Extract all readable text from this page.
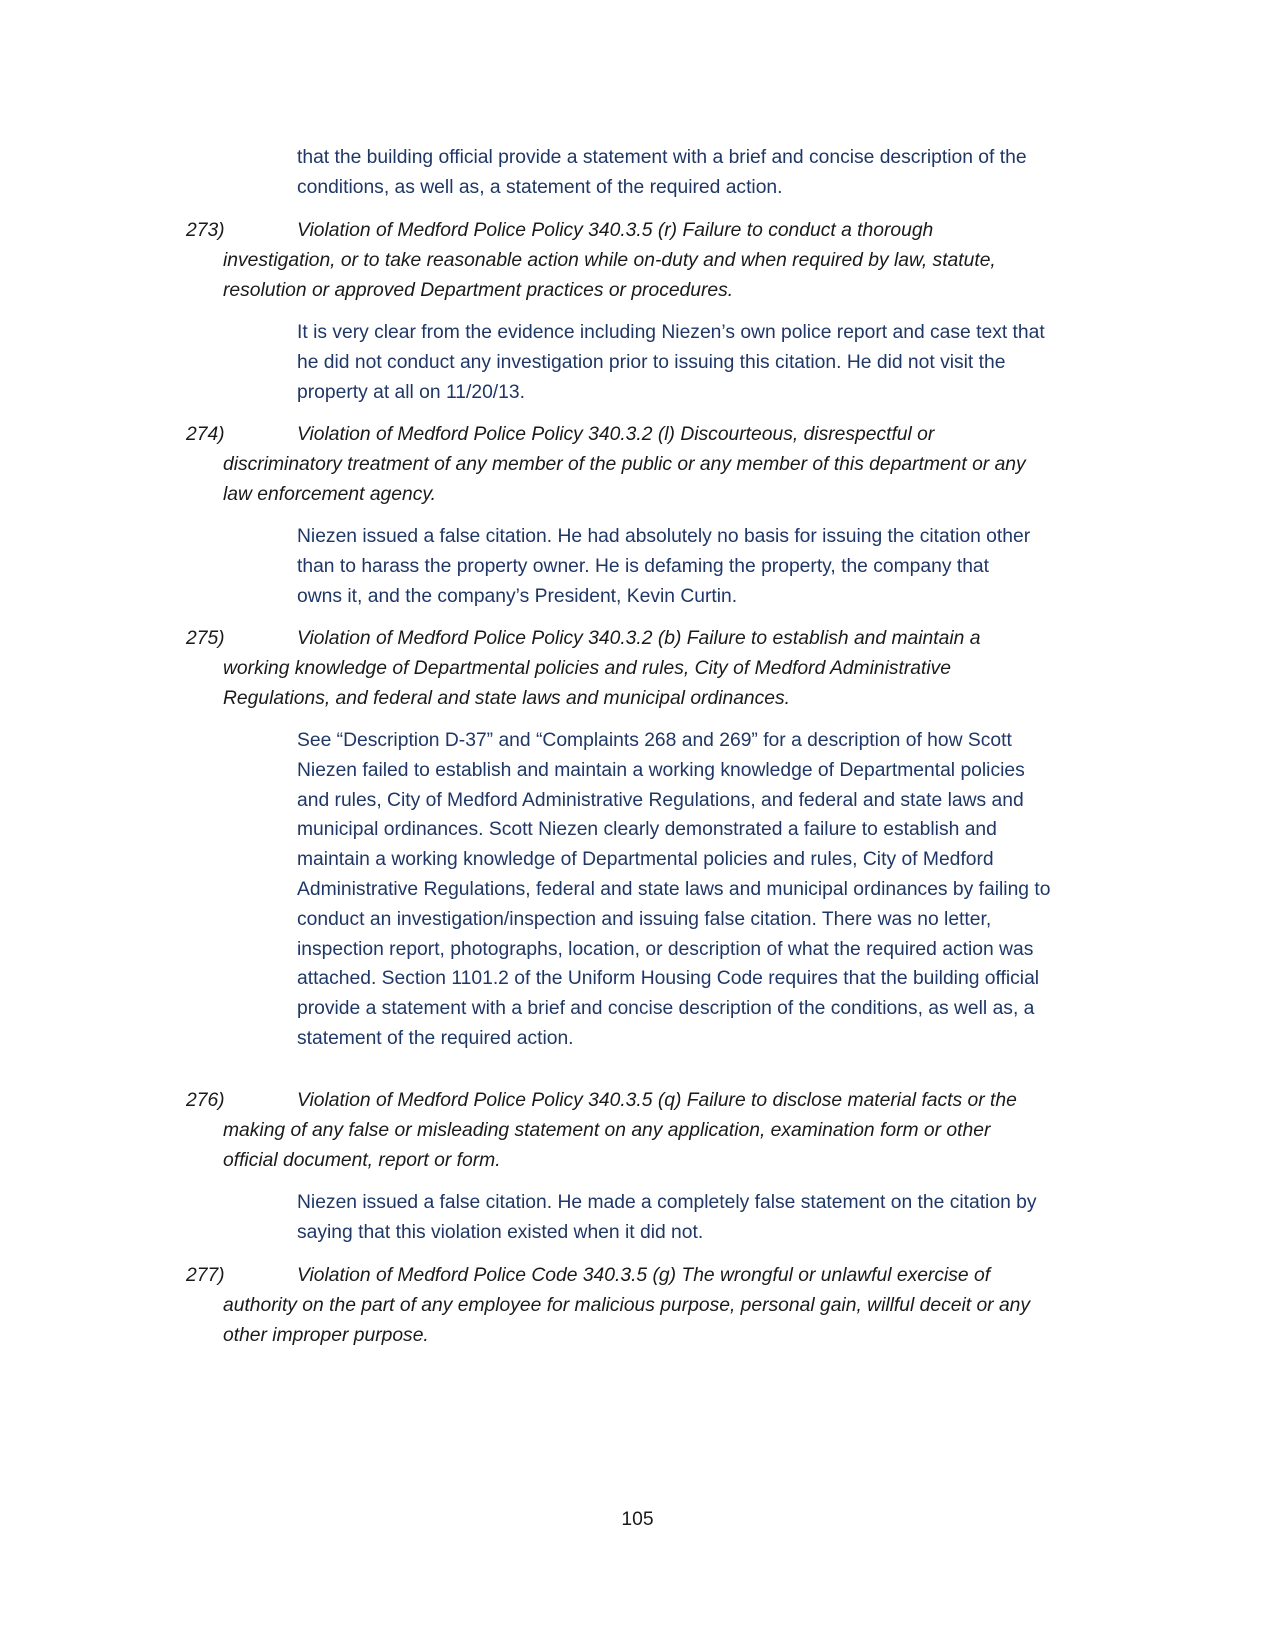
that the building official provide a statement with a brief and concise description of the
conditions, as well as, a statement of the required action.
273)	Violation of Medford Police Policy 340.3.5 (r) Failure to conduct a thorough
investigation, or to take reasonable action while on-duty and when required by law, statute,
resolution or approved Department practices or procedures.
It is very clear from the evidence including Niezen’s own police report and case text that
he did not conduct any investigation prior to issuing this citation. He did not visit the
property at all on 11/20/13.
274)	Violation of Medford Police Policy 340.3.2 (l) Discourteous, disrespectful or
discriminatory treatment of any member of the public or any member of this department or any
law enforcement agency.
Niezen issued a false citation. He had absolutely no basis for issuing the citation other
than to harass the property owner. He is defaming the property, the company that
owns it, and the company’s President, Kevin Curtin.
275)	Violation of Medford Police Policy 340.3.2 (b) Failure to establish and maintain a
working knowledge of Departmental policies and rules, City of Medford Administrative
Regulations, and federal and state laws and municipal ordinances.
See “Description D-37” and “Complaints 268 and 269” for a description of how Scott
Niezen failed to establish and maintain a working knowledge of Departmental policies
and rules, City of Medford Administrative Regulations, and federal and state laws and
municipal ordinances. Scott Niezen clearly demonstrated a failure to establish and
maintain a working knowledge of Departmental policies and rules, City of Medford
Administrative Regulations, federal and state laws and municipal ordinances by failing to
conduct an investigation/inspection and issuing false citation. There was no letter,
inspection report, photographs, location, or description of what the required action was
attached. Section 1101.2 of the Uniform Housing Code requires that the building official
provide a statement with a brief and concise description of the conditions, as well as, a
statement of the required action.
276)	Violation of Medford Police Policy 340.3.5 (q) Failure to disclose material facts or the
making of any false or misleading statement on any application, examination form or other
official document, report or form.
Niezen issued a false citation. He made a completely false statement on the citation by
saying that this violation existed when it did not.
277)	Violation of Medford Police Code 340.3.5 (g) The wrongful or unlawful exercise of
authority on the part of any employee for malicious purpose, personal gain, willful deceit or any
other improper purpose.
105
